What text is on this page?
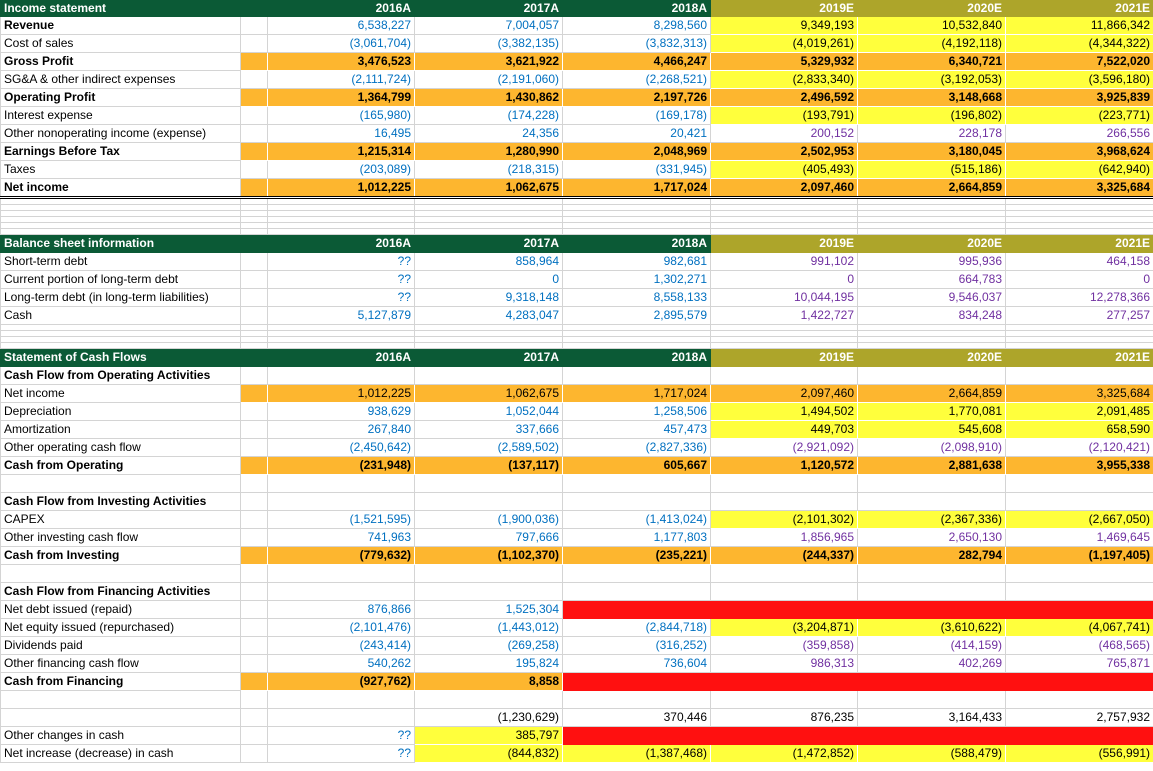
Income statement		2016A	2017A	2018A	2019E	2020E	2021E
Revenue		6,538,227	7,004,057	8,298,560	9,349,193	10,532,840	11,866,342
Cost of sales		(3,061,704)	(3,382,135)	(3,832,313)	(4,019,261)	(4,192,118)	(4,344,322)
Gross Profit		3,476,523	3,621,922	4,466,247	5,329,932	6,340,721	7,522,020
SG&A & other indirect expenses		(2,111,724)	(2,191,060)	(2,268,521)	(2,833,340)	(3,192,053)	(3,596,180)
Operating Profit		1,364,799	1,430,862	2,197,726	2,496,592	3,148,668	3,925,839
Interest expense		(165,980)	(174,228)	(169,178)	(193,791)	(196,802)	(223,771)
Other nonoperating income (expense)		16,495	24,356	20,421	200,152	228,178	266,556
Earnings Before Tax		1,215,314	1,280,990	2,048,969	2,502,953	3,180,045	3,968,624
Taxes		(203,089)	(218,315)	(331,945)	(405,493)	(515,186)	(642,940)
Net income		1,012,225	1,062,675	1,717,024	2,097,460	2,664,859	3,325,684

Balance sheet information		2016A	2017A	2018A	2019E	2020E	2021E
Short-term debt		??	858,964	982,681	991,102	995,936	464,158
Current portion of long-term debt		??	0	1,302,271	0	664,783	0
Long-term debt (in long-term liabilities)		??	9,318,148	8,558,133	10,044,195	9,546,037	12,278,366
Cash		5,127,879	4,283,047	2,895,579	1,422,727	834,248	277,257

Statement of Cash Flows		2016A	2017A	2018A	2019E	2020E	2021E
Cash Flow from Operating Activities							
Net income		1,012,225	1,062,675	1,717,024	2,097,460	2,664,859	3,325,684
Depreciation		938,629	1,052,044	1,258,506	1,494,502	1,770,081	2,091,485
Amortization		267,840	337,666	457,473	449,703	545,608	658,590
Other operating cash flow		(2,450,642)	(2,589,502)	(2,827,336)	(2,921,092)	(2,098,910)	(2,120,421)
Cash from Operating		(231,948)	(137,117)	605,667	1,120,572	2,881,638	3,955,338

Cash Flow from Investing Activities							
CAPEX		(1,521,595)	(1,900,036)	(1,413,024)	(2,101,302)	(2,367,336)	(2,667,050)
Other investing cash flow		741,963	797,666	1,177,803	1,856,965	2,650,130	1,469,645
Cash from Investing		(779,632)	(1,102,370)	(235,221)	(244,337)	282,794	(1,197,405)

Cash Flow from Financing Activities							
Net debt issued (repaid)		876,866	1,525,304				
Net equity issued (repurchased)		(2,101,476)	(1,443,012)	(2,844,718)	(3,204,871)	(3,610,622)	(4,067,741)
Dividends paid		(243,414)	(269,258)	(316,252)	(359,858)	(414,159)	(468,565)
Other financing cash flow		540,262	195,824	736,604	986,313	402,269	765,871
Cash from Financing		(927,762)	8,858				

			(1,230,629)	370,446	876,235	3,164,433	2,757,932
Other changes in cash		??	385,797				
Net increase (decrease) in cash		??	(844,832)	(1,387,468)	(1,472,852)	(588,479)	(556,991)
